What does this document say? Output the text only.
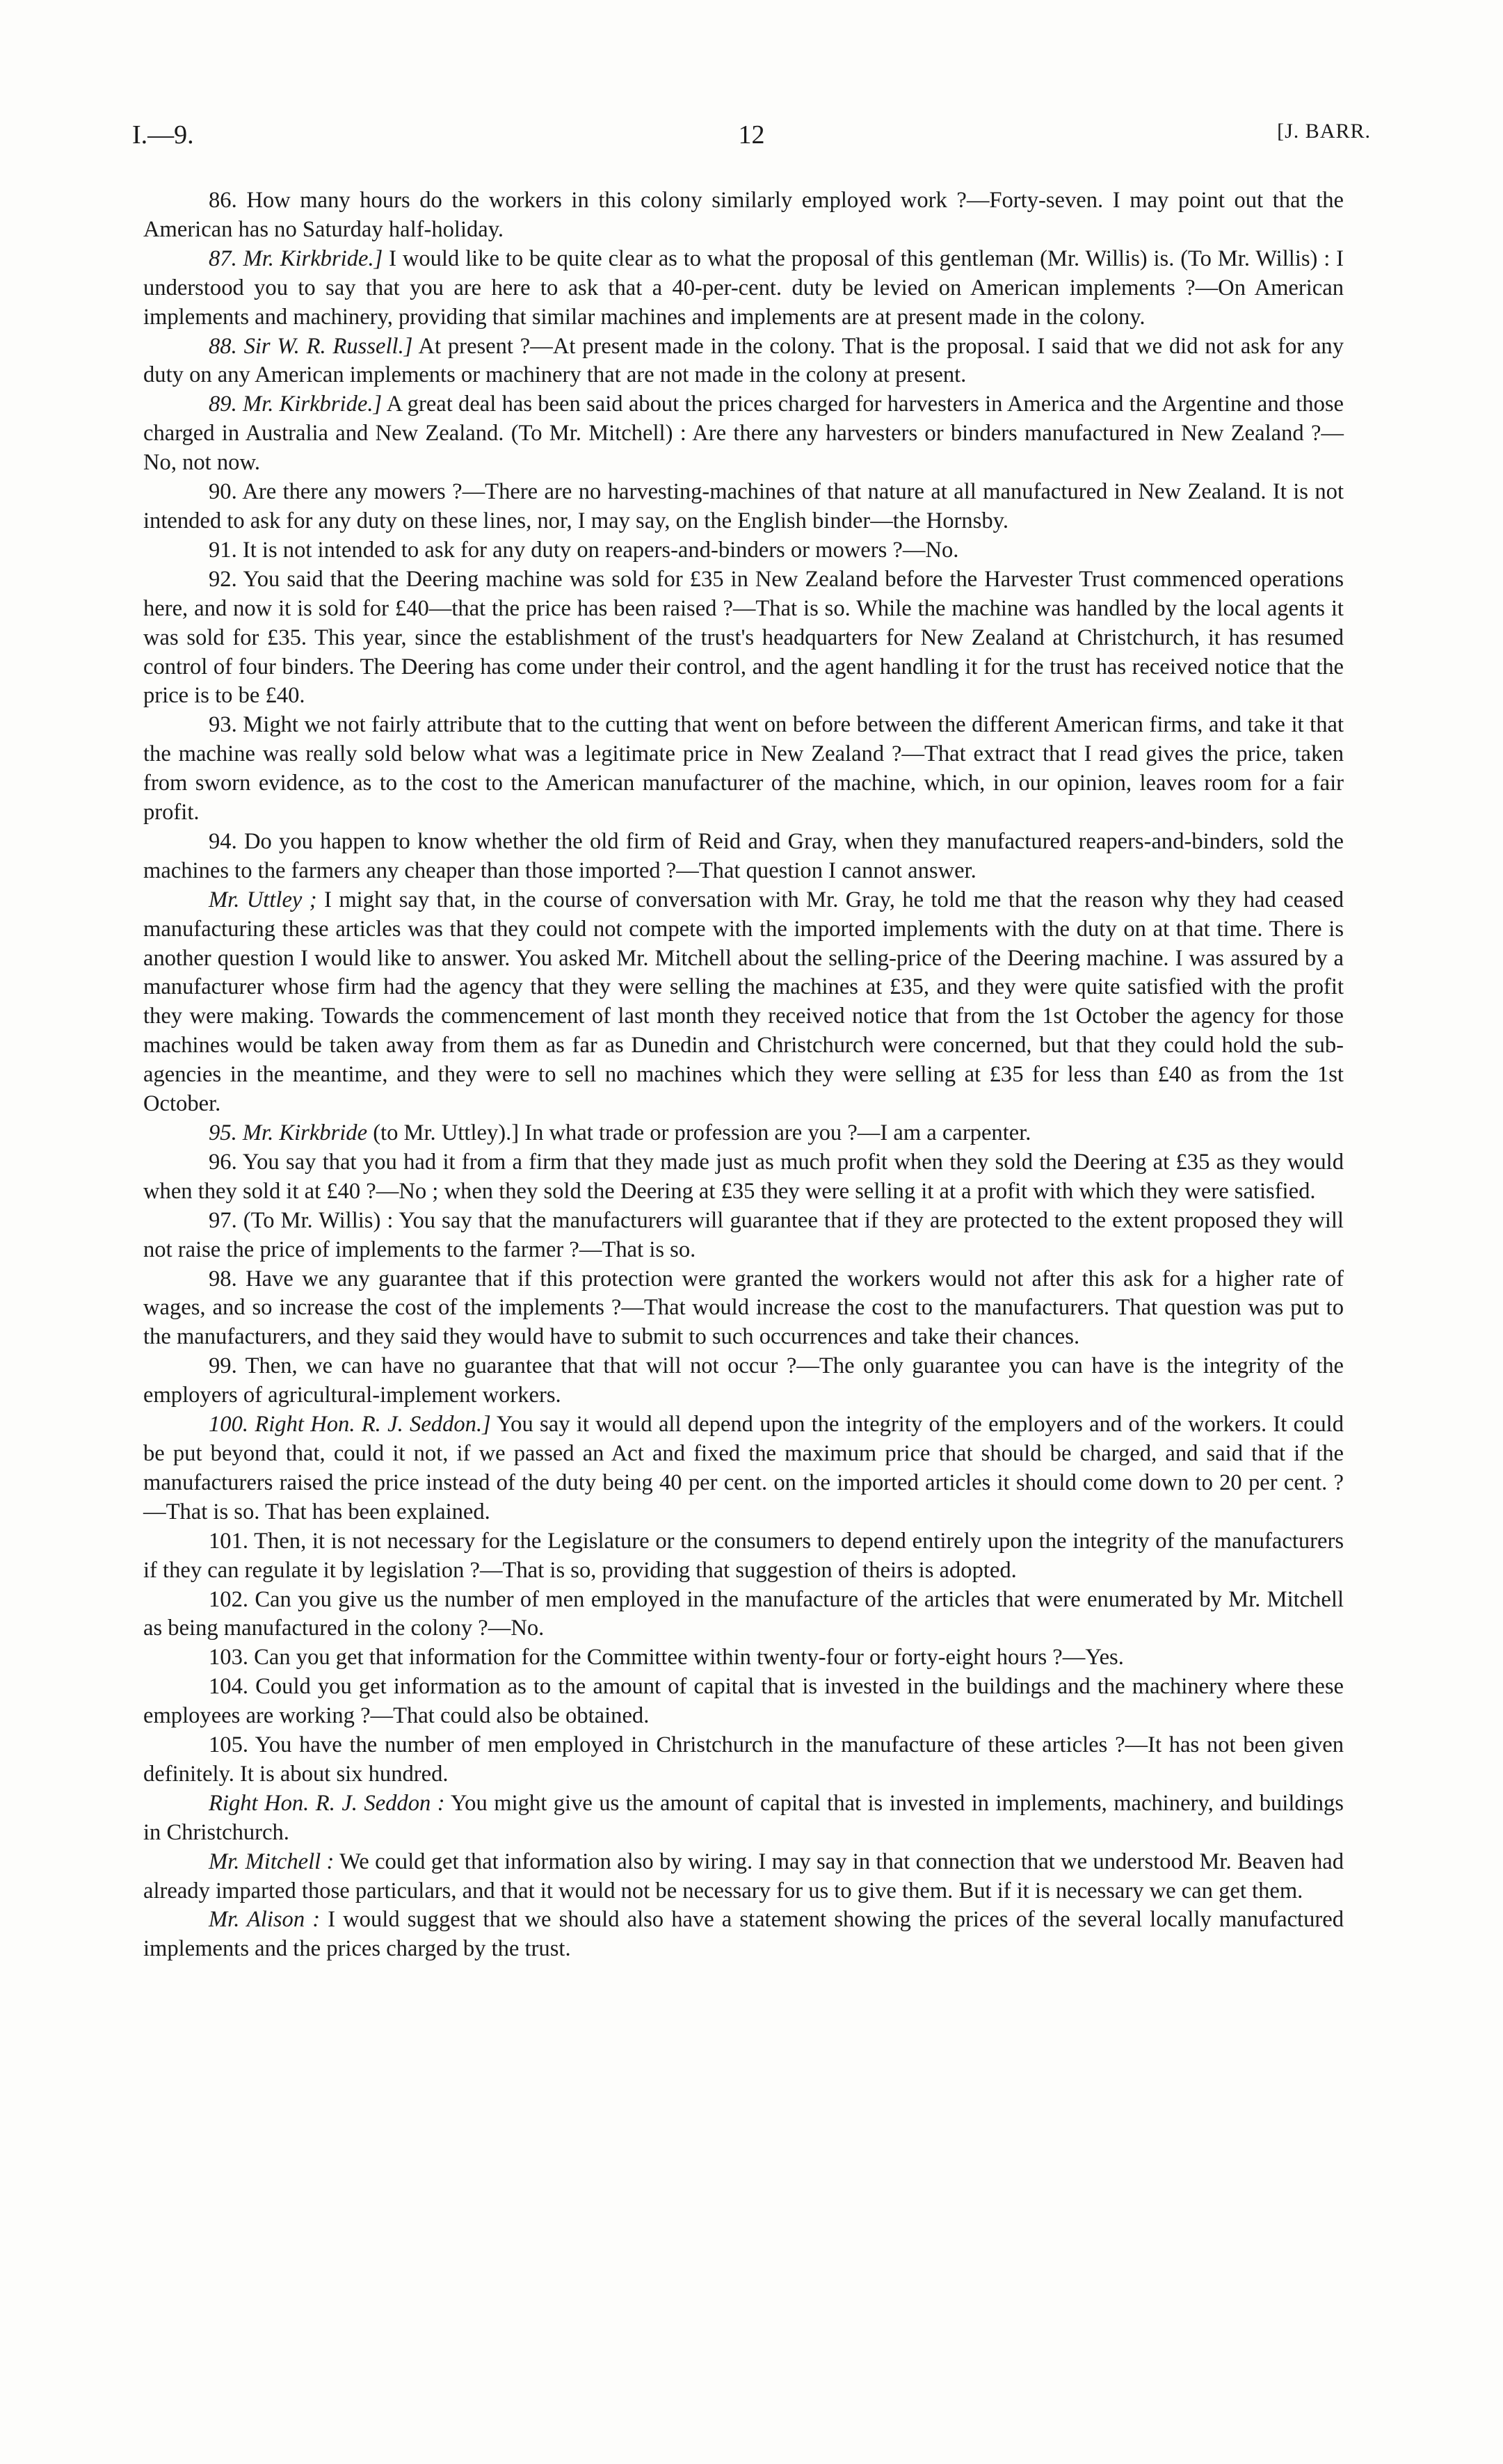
I.—9.	12	[J. BARR.

86. How many hours do the workers in this colony similarly employed work ?—Forty-seven. I may point out that the American has no Saturday half-holiday.

87. Mr. Kirkbride.] I would like to be quite clear as to what the proposal of this gentleman (Mr. Willis) is. (To Mr. Willis) : I understood you to say that you are here to ask that a 40-per-cent. duty be levied on American implements ?—On American implements and machinery, providing that similar machines and implements are at present made in the colony.

88. Sir W. R. Russell.] At present ?—At present made in the colony. That is the proposal. I said that we did not ask for any duty on any American implements or machinery that are not made in the colony at present.

89. Mr. Kirkbride.] A great deal has been said about the prices charged for harvesters in America and the Argentine and those charged in Australia and New Zealand. (To Mr. Mitchell) : Are there any harvesters or binders manufactured in New Zealand ?—No, not now.

90. Are there any mowers ?—There are no harvesting-machines of that nature at all manufactured in New Zealand. It is not intended to ask for any duty on these lines, nor, I may say, on the English binder—the Hornsby.

91. It is not intended to ask for any duty on reapers-and-binders or mowers ?—No.

92. You said that the Deering machine was sold for £35 in New Zealand before the Harvester Trust commenced operations here, and now it is sold for £40—that the price has been raised ?—That is so. While the machine was handled by the local agents it was sold for £35. This year, since the establishment of the trust's headquarters for New Zealand at Christchurch, it has resumed control of four binders. The Deering has come under their control, and the agent handling it for the trust has received notice that the price is to be £40.

93. Might we not fairly attribute that to the cutting that went on before between the different American firms, and take it that the machine was really sold below what was a legitimate price in New Zealand ?—That extract that I read gives the price, taken from sworn evidence, as to the cost to the American manufacturer of the machine, which, in our opinion, leaves room for a fair profit.

94. Do you happen to know whether the old firm of Reid and Gray, when they manufactured reapers-and-binders, sold the machines to the farmers any cheaper than those imported ?—That question I cannot answer.

Mr. Uttley ; I might say that, in the course of conversation with Mr. Gray, he told me that the reason why they had ceased manufacturing these articles was that they could not compete with the imported implements with the duty on at that time. There is another question I would like to answer. You asked Mr. Mitchell about the selling-price of the Deering machine. I was assured by a manufacturer whose firm had the agency that they were selling the machines at £35, and they were quite satisfied with the profit they were making. Towards the commencement of last month they received notice that from the 1st October the agency for those machines would be taken away from them as far as Dunedin and Christchurch were concerned, but that they could hold the sub-agencies in the meantime, and they were to sell no machines which they were selling at £35 for less than £40 as from the 1st October.

95. Mr. Kirkbride (to Mr. Uttley).] In what trade or profession are you ?—I am a carpenter.

96. You say that you had it from a firm that they made just as much profit when they sold the Deering at £35 as they would when they sold it at £40 ?—No ; when they sold the Deering at £35 they were selling it at a profit with which they were satisfied.

97. (To Mr. Willis) : You say that the manufacturers will guarantee that if they are protected to the extent proposed they will not raise the price of implements to the farmer ?—That is so.

98. Have we any guarantee that if this protection were granted the workers would not after this ask for a higher rate of wages, and so increase the cost of the implements ?—That would increase the cost to the manufacturers. That question was put to the manufacturers, and they said they would have to submit to such occurrences and take their chances.

99. Then, we can have no guarantee that that will not occur ?—The only guarantee you can have is the integrity of the employers of agricultural-implement workers.

100. Right Hon. R. J. Seddon.] You say it would all depend upon the integrity of the employers and of the workers. It could be put beyond that, could it not, if we passed an Act and fixed the maximum price that should be charged, and said that if the manufacturers raised the price instead of the duty being 40 per cent. on the imported articles it should come down to 20 per cent. ?—That is so. That has been explained.

101. Then, it is not necessary for the Legislature or the consumers to depend entirely upon the integrity of the manufacturers if they can regulate it by legislation ?—That is so, providing that suggestion of theirs is adopted.

102. Can you give us the number of men employed in the manufacture of the articles that were enumerated by Mr. Mitchell as being manufactured in the colony ?—No.

103. Can you get that information for the Committee within twenty-four or forty-eight hours ?—Yes.

104. Could you get information as to the amount of capital that is invested in the buildings and the machinery where these employees are working ?—That could also be obtained.

105. You have the number of men employed in Christchurch in the manufacture of these articles ?—It has not been given definitely. It is about six hundred.

Right Hon. R. J. Seddon : You might give us the amount of capital that is invested in implements, machinery, and buildings in Christchurch.

Mr. Mitchell : We could get that information also by wiring. I may say in that connection that we understood Mr. Beaven had already imparted those particulars, and that it would not be necessary for us to give them. But if it is necessary we can get them.

Mr. Alison : I would suggest that we should also have a statement showing the prices of the several locally manufactured implements and the prices charged by the trust.
